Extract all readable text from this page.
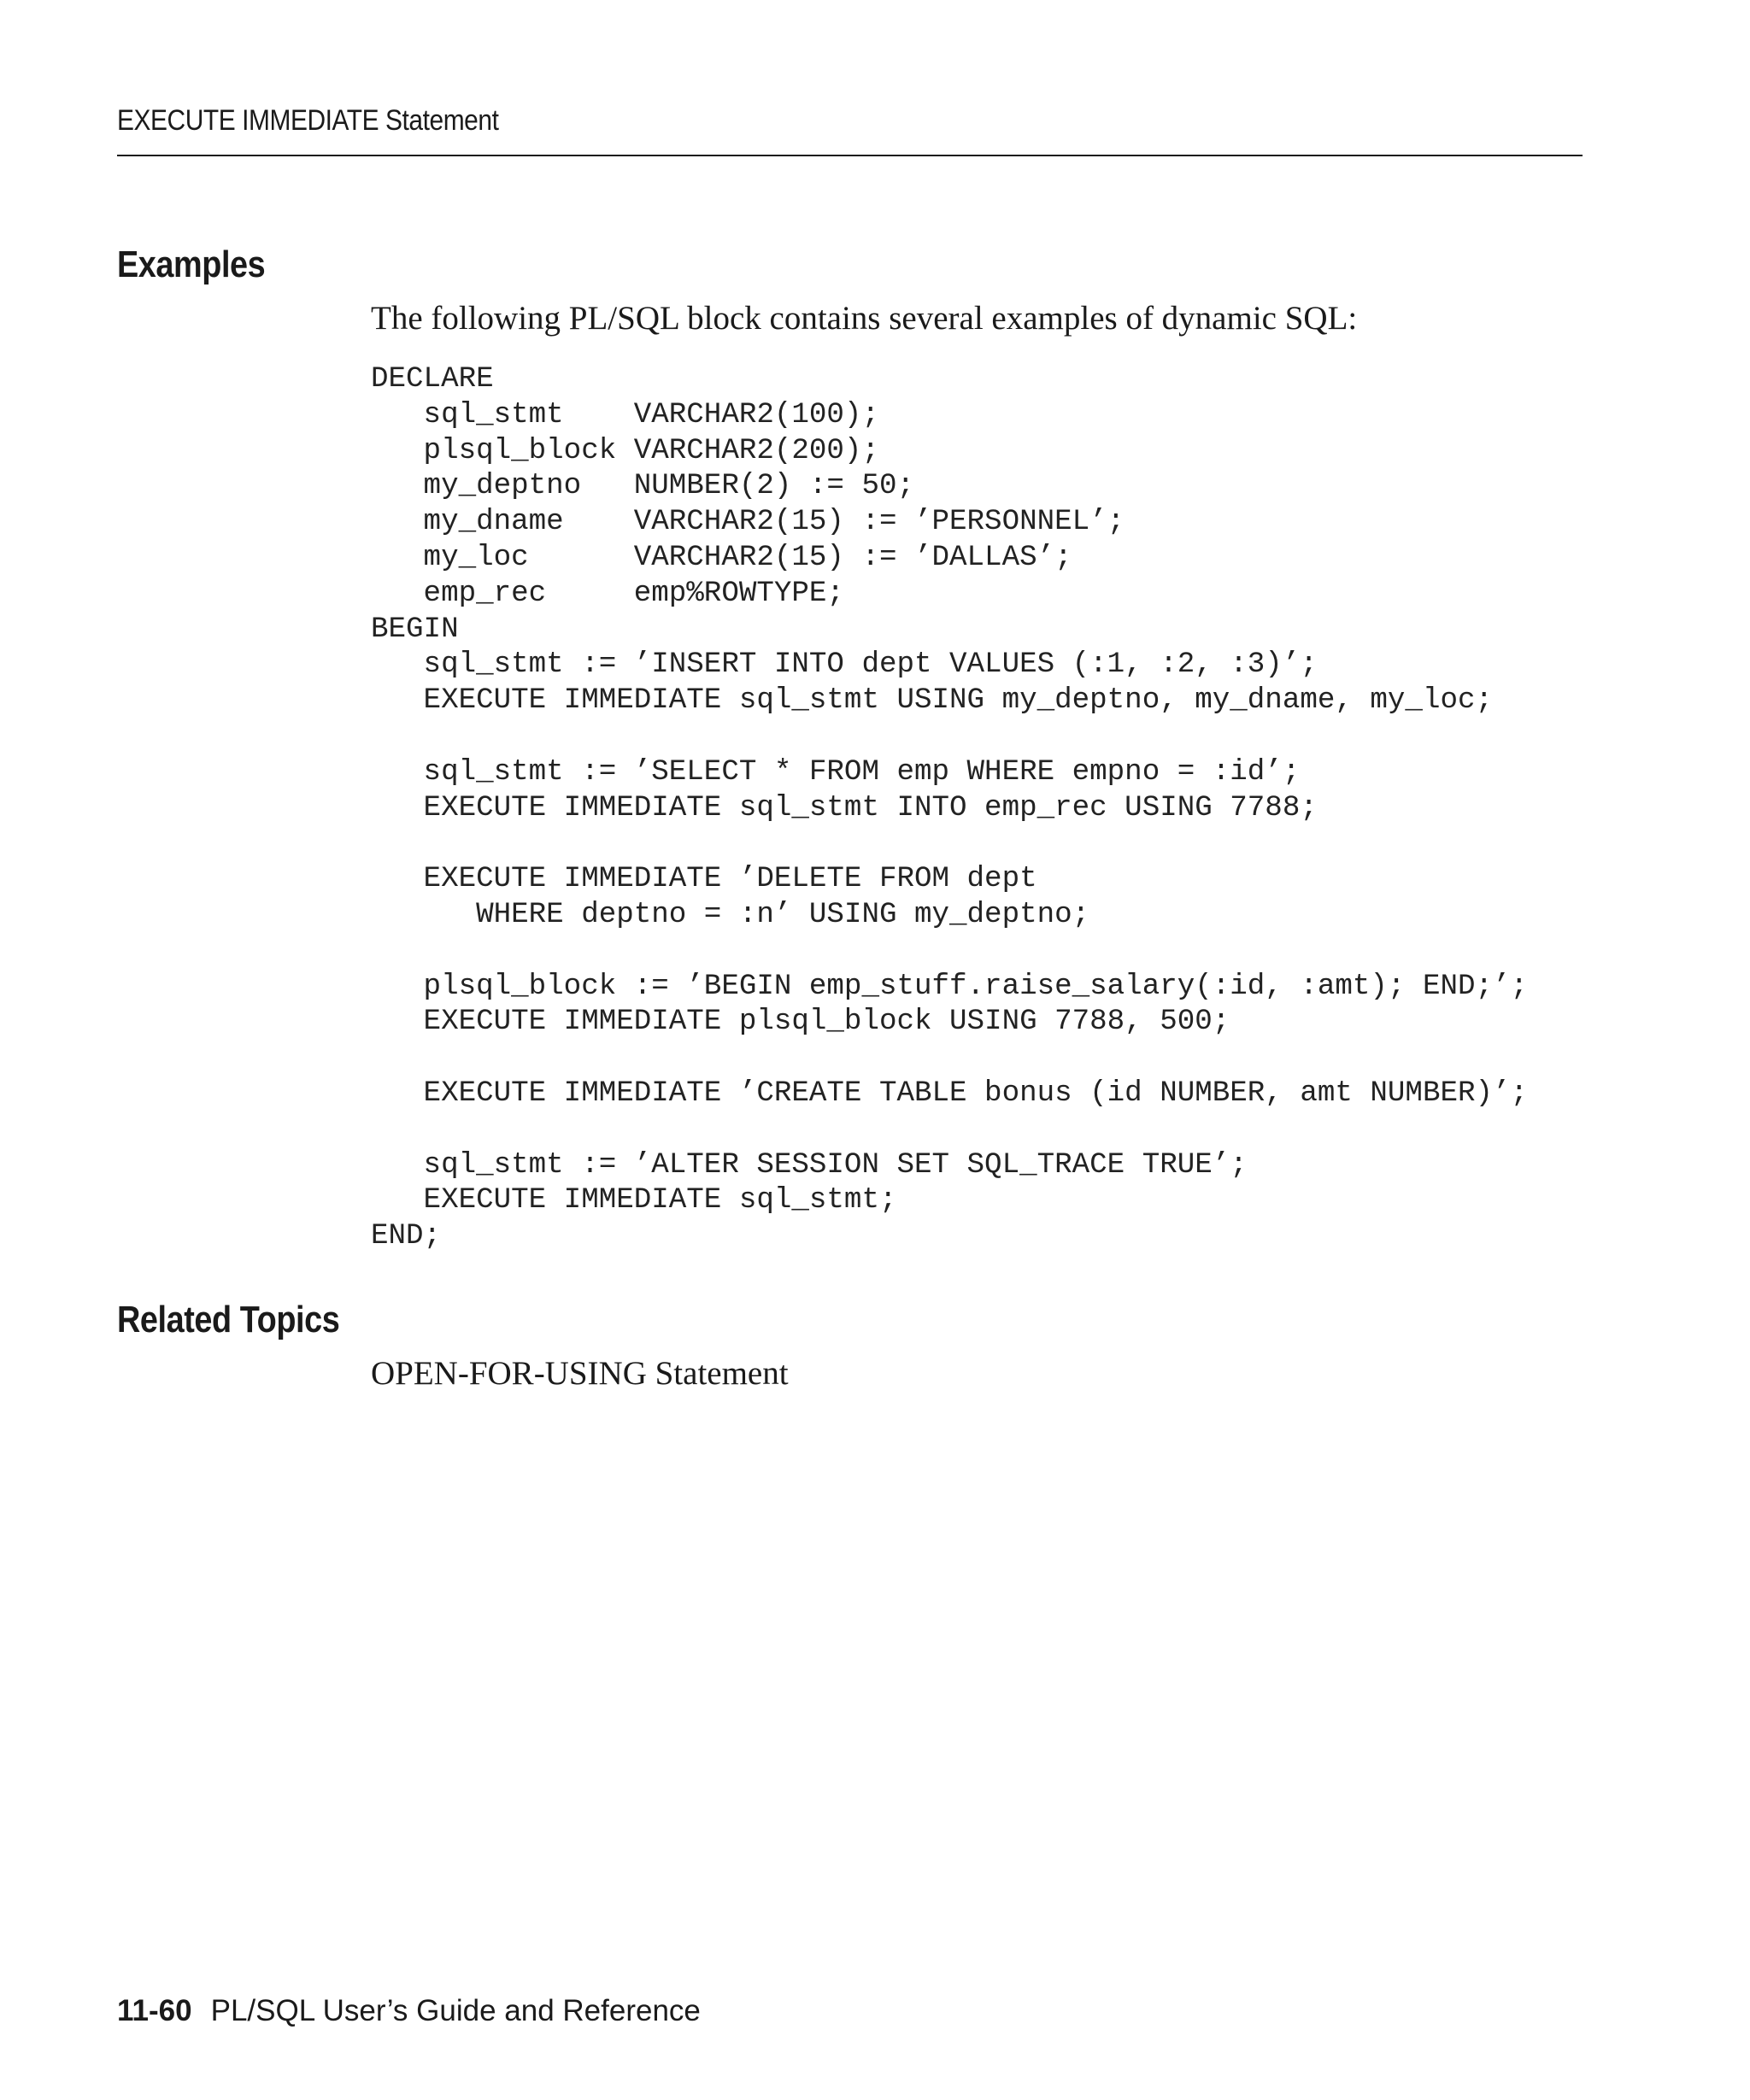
EXECUTE IMMEDIATE Statement
Examples
The following PL/SQL block contains several examples of dynamic SQL:
DECLARE
sql_stmt    VARCHAR2(100);
plsql_block VARCHAR2(200);
my_deptno   NUMBER(2) := 50;
my_dname    VARCHAR2(15) := ’PERSONNEL’;
my_loc      VARCHAR2(15) := ’DALLAS’;
emp_rec     emp%ROWTYPE;
BEGIN
sql_stmt := ’INSERT INTO dept VALUES (:1, :2, :3)’;
EXECUTE IMMEDIATE sql_stmt USING my_deptno, my_dname, my_loc;
sql_stmt := ’SELECT * FROM emp WHERE empno = :id’;
EXECUTE IMMEDIATE sql_stmt INTO emp_rec USING 7788;
EXECUTE IMMEDIATE ’DELETE FROM dept
WHERE deptno = :n’ USING my_deptno;
plsql_block := ’BEGIN emp_stuff.raise_salary(:id, :amt); END;’;
EXECUTE IMMEDIATE plsql_block USING 7788, 500;
EXECUTE IMMEDIATE ’CREATE TABLE bonus (id NUMBER, amt NUMBER)’;
sql_stmt := ’ALTER SESSION SET SQL_TRACE TRUE’;
EXECUTE IMMEDIATE sql_stmt;
END;
Related Topics
OPEN-FOR-USING Statement
11-60 PL/SQL User’s Guide and Reference
